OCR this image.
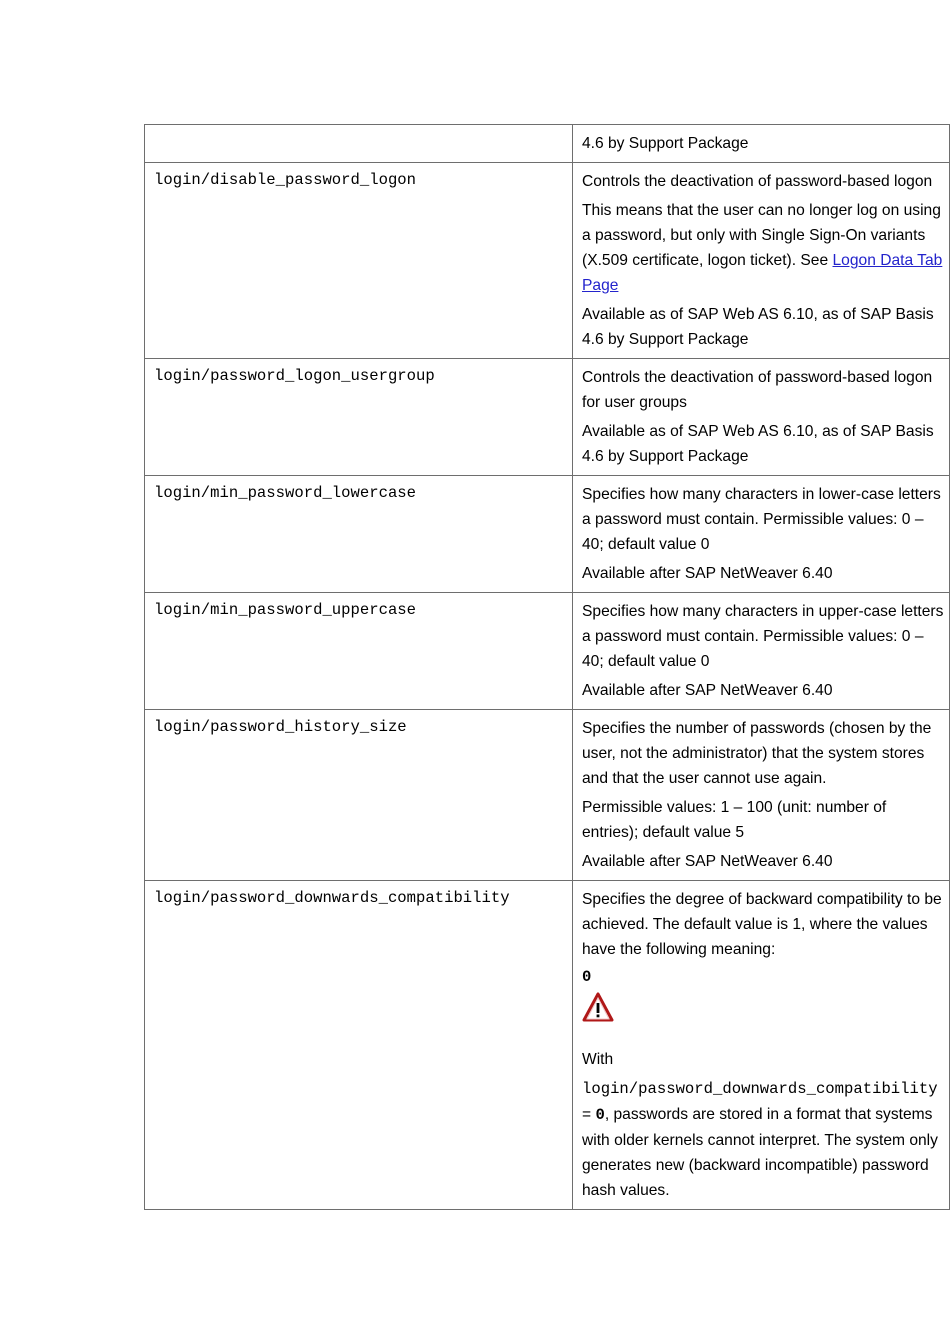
	4.6 by Support Package

login/disable_password_logon	Controls the deactivation of password-based logon

This means that the user can no longer log on using a password, but only with Single Sign-On variants (X.509 certificate, logon ticket). See Logon Data Tab Page

Available as of SAP Web AS 6.10, as of SAP Basis 4.6 by Support Package

login/password_logon_usergroup	Controls the deactivation of password-based logon for user groups

Available as of SAP Web AS 6.10, as of SAP Basis 4.6 by Support Package

login/min_password_lowercase	Specifies how many characters in lower-case letters a password must contain. Permissible values: 0 – 40; default value 0

Available after SAP NetWeaver 6.40

login/min_password_uppercase	Specifies how many characters in upper-case letters a password must contain. Permissible values: 0 – 40; default value 0

Available after SAP NetWeaver 6.40

login/password_history_size	Specifies the number of passwords (chosen by the user, not the administrator) that the system stores and that the user cannot use again.

Permissible values: 1 – 100 (unit: number of entries); default value 5

Available after SAP NetWeaver 6.40

login/password_downwards_compatibility	Specifies the degree of backward compatibility to be achieved. The default value is 1, where the values have the following meaning:

0

With

login/password_downwards_compatibility
= 0, passwords are stored in a format that systems with older kernels cannot interpret. The system only generates new (backward incompatible) password hash values.
